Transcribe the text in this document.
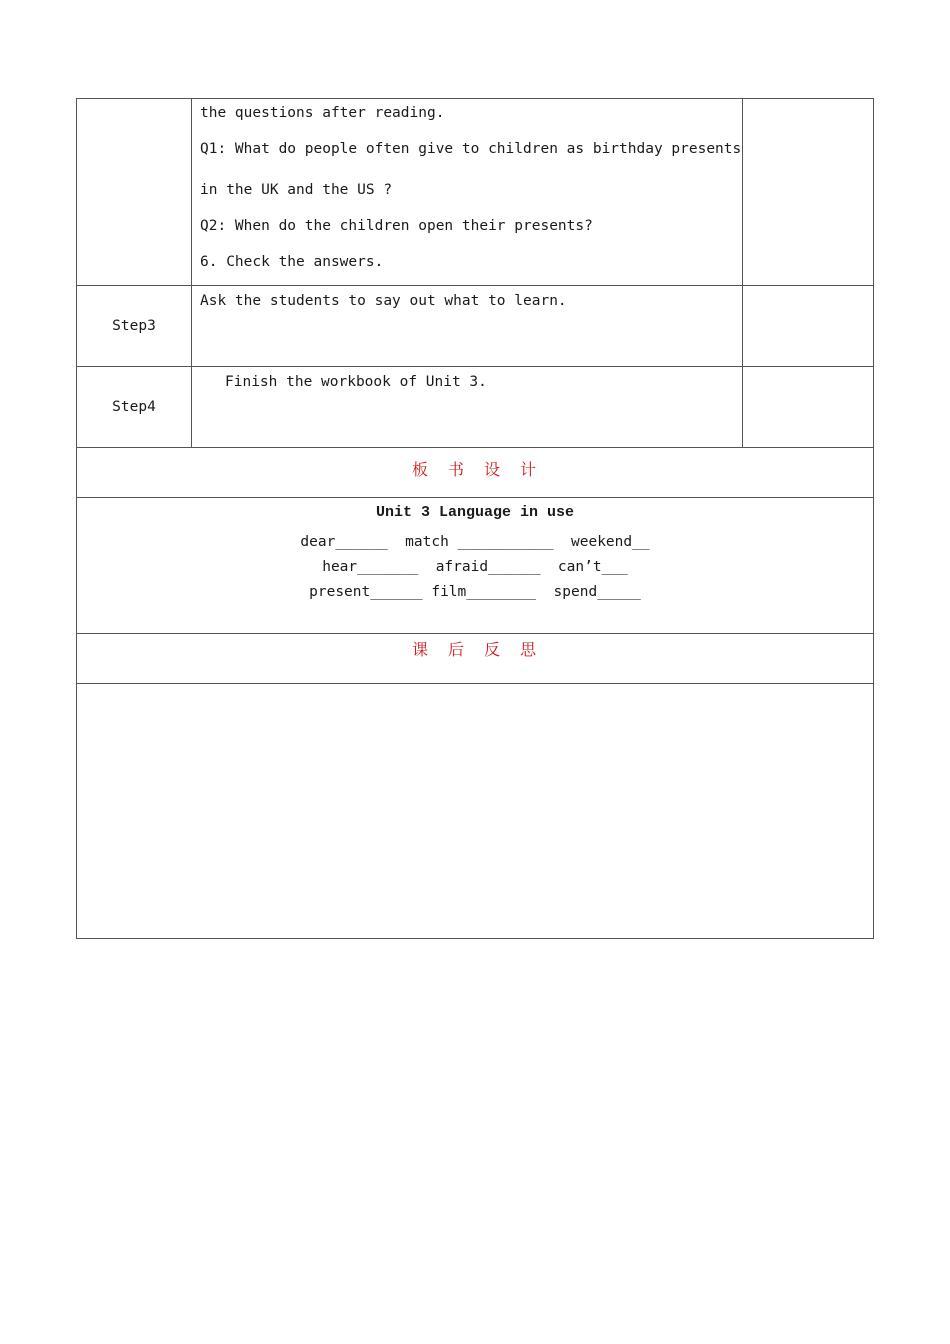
	the questions after reading.
Q1: What do people often give to children as birthday presents
in the UK and the US ?
Q2: When do the children open their presents?
6. Check the answers.	

Step3	Ask the students to say out what to learn.	

Step4	Finish the workbook of Unit 3.	

板 书 设 计		

Unit 3 Language in use
dear______  match ___________  weekend__
hear_______  afraid______  can’t___
present______ film________  spend_____		

课 后 反 思		
